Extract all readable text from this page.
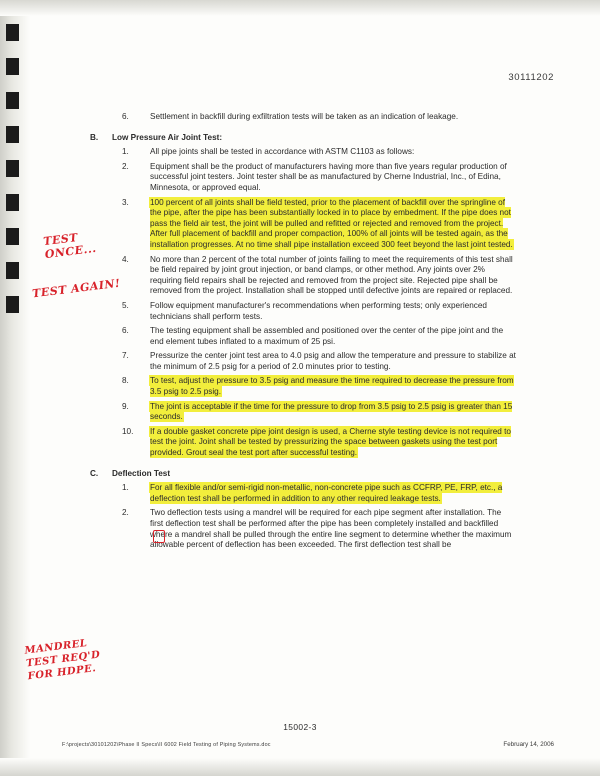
30111202
6.	Settlement in backfill during exfiltration tests will be taken as an indication of leakage.
B.	Low Pressure Air Joint Test:
1.	All pipe joints shall be tested in accordance with ASTM C1103 as follows:
2.	Equipment shall be the product of manufacturers having more than five years regular production of successful joint testers. Joint tester shall be as manufactured by Cherne Industrial, Inc., of Edina, Minnesota, or approved equal.
3.	100 percent of all joints shall be field tested, prior to the placement of backfill over the springline of the pipe, after the pipe has been substantially locked in to place by embedment. If the pipe does not pass the field air test, the joint will be pulled and refitted or rejected and removed from the project. After full placement of backfill and proper compaction, 100% of all joints will be tested again, as the installation progresses. At no time shall pipe installation exceed 300 feet beyond the last joint tested.
4.	No more than 2 percent of the total number of joints failing to meet the requirements of this test shall be field repaired by joint grout injection, or band clamps, or other method. Any joints over 2% requiring field repairs shall be rejected and removed from the project site. Rejected pipe shall be removed from the project. Installation shall be stopped until defective joints are repaired or replaced.
5.	Follow equipment manufacturer's recommendations when performing tests; only experienced technicians shall perform tests.
6.	The testing equipment shall be assembled and positioned over the center of the pipe joint and the end element tubes inflated to a maximum of 25 psi.
7.	Pressurize the center joint test area to 4.0 psig and allow the temperature and pressure to stabilize at the minimum of 2.5 psig for a period of 2.0 minutes prior to testing.
8.	To test, adjust the pressure to 3.5 psig and measure the time required to decrease the pressure from 3.5 psig to 2.5 psig.
9.	The joint is acceptable if the time for the pressure to drop from 3.5 psig to 2.5 psig is greater than 15 seconds.
10.	If a double gasket concrete pipe joint design is used, a Cherne style testing device is not required to test the joint. Joint shall be tested by pressurizing the space between gaskets using the test port provided. Grout seal the test port after successful testing.
C.	Deflection Test
1.	For all flexible and/or semi-rigid non-metallic, non-concrete pipe such as CCFRP, PE, FRP, etc., a deflection test shall be performed in addition to any other required leakage tests.
2.	Two deflection tests using a mandrel will be required for each pipe segment after installation. The first deflection test shall be performed after the pipe has been completely installed and backfilled where a mandrel shall be pulled through the entire line segment to determine whether the maximum allowable percent of deflection has been exceeded. The first deflection test shall be
TEST
ONCE...
TEST AGAIN!
MANDREL
TEST REQ'D
FOR HDPE.
15002-3
F:\projects\30101202\Phase II Specs\II 6002 Field Testing of Piping Systems.doc	February 14, 2006
